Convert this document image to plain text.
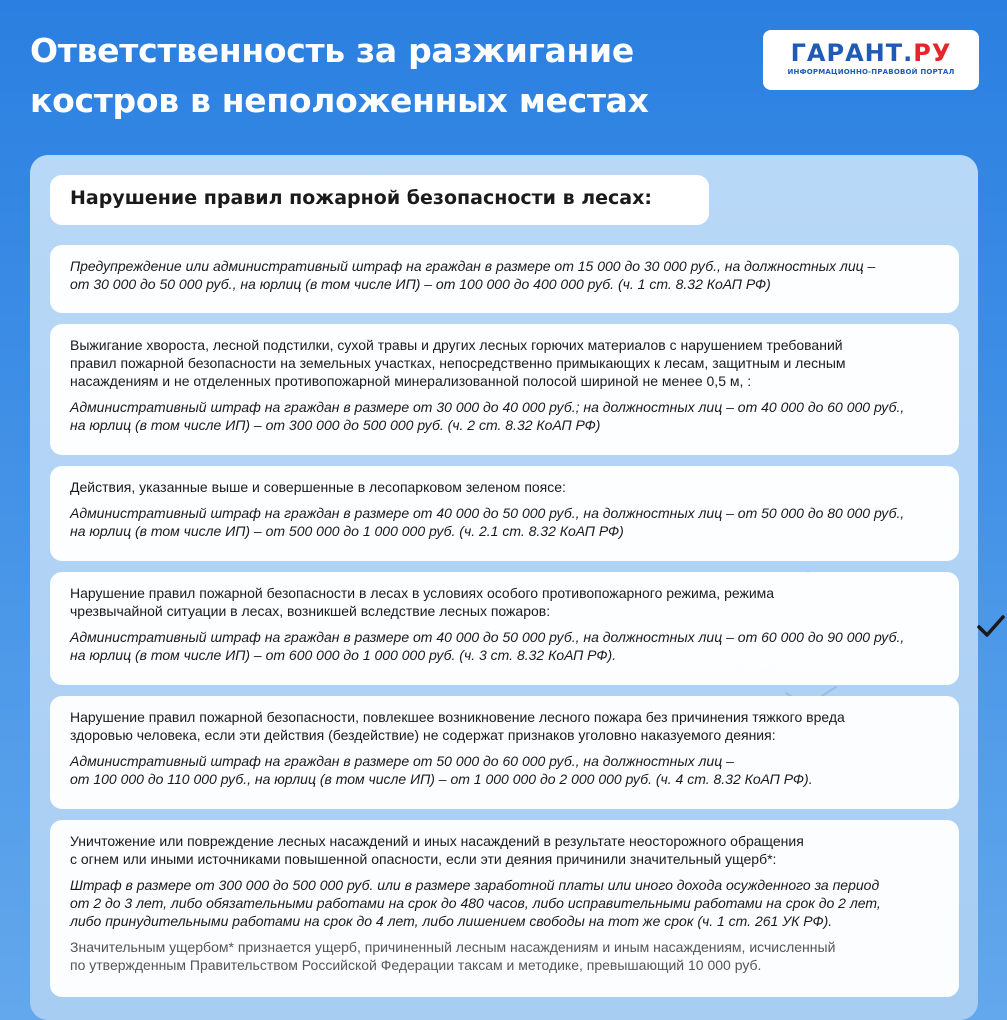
Ответственность за разжигание
костров в неположенных местах
ГАРАНТ.РУ
ИНФОРМАЦИОННО-ПРАВОВОЙ ПОРТАЛ
Нарушение правил пожарной безопасности в лесах:

Предупреждение или административный штраф на граждан в размере от 15 000 до 30 000 руб., на должностных лиц –
от 30 000 до 50 000 руб., на юрлиц (в том числе ИП) – от 100 000 до 400 000 руб. (ч. 1 ст. 8.32 КоАП РФ)

Выжигание хвороста, лесной подстилки, сухой травы и других лесных горючих материалов с нарушением требований
правил пожарной безопасности на земельных участках, непосредственно примыкающих к лесам, защитным и лесным
насаждениям и не отделенных противопожарной минерализованной полосой шириной не менее 0,5 м, :

Административный штраф на граждан в размере от 30 000 до 40 000 руб.; на должностных лиц – от 40 000 до 60 000 руб.,
на юрлиц (в том числе ИП) – от 300 000 до 500 000 руб. (ч. 2 ст. 8.32 КоАП РФ)

Действия, указанные выше и совершенные в лесопарковом зеленом поясе:

Административный штраф на граждан в размере от 40 000 до 50 000 руб., на должностных лиц – от 50 000 до 80 000 руб.,
на юрлиц (в том числе ИП) – от 500 000 до 1 000 000 руб. (ч. 2.1 ст. 8.32 КоАП РФ)

Нарушение правил пожарной безопасности в лесах в условиях особого противопожарного режима, режима
чрезвычайной ситуации в лесах, возникшей вследствие лесных пожаров:

Административный штраф на граждан в размере от 40 000 до 50 000 руб., на должностных лиц – от 60 000 до 90 000 руб.,
на юрлиц (в том числе ИП) – от 600 000 до 1 000 000 руб. (ч. 3 ст. 8.32 КоАП РФ).

Нарушение правил пожарной безопасности, повлекшее возникновение лесного пожара без причинения тяжкого вреда
здоровью человека, если эти действия (бездействие) не содержат признаков уголовно наказуемого деяния:

Административный штраф на граждан в размере от 50 000 до 60 000 руб., на должностных лиц –
от 100 000 до 110 000 руб., на юрлиц (в том числе ИП) – от 1 000 000 до 2 000 000 руб. (ч. 4 ст. 8.32 КоАП РФ).

Уничтожение или повреждение лесных насаждений и иных насаждений в результате неосторожного обращения
с огнем или иными источниками повышенной опасности, если эти деяния причинили значительный ущерб*:

Штраф в размере от 300 000 до 500 000 руб. или в размере заработной платы или иного дохода осужденного за период
от 2 до 3 лет, либо обязательными работами на срок до 480 часов, либо исправительными работами на срок до 2 лет,
либо принудительными работами на срок до 4 лет, либо лишением свободы на тот же срок (ч. 1 ст. 261 УК РФ).

Значительным ущербом* признается ущерб, причиненный лесным насаждениям и иным насаждениям, исчисленный
по утвержденным Правительством Российской Федерации таксам и методике, превышающий 10 000 руб.
